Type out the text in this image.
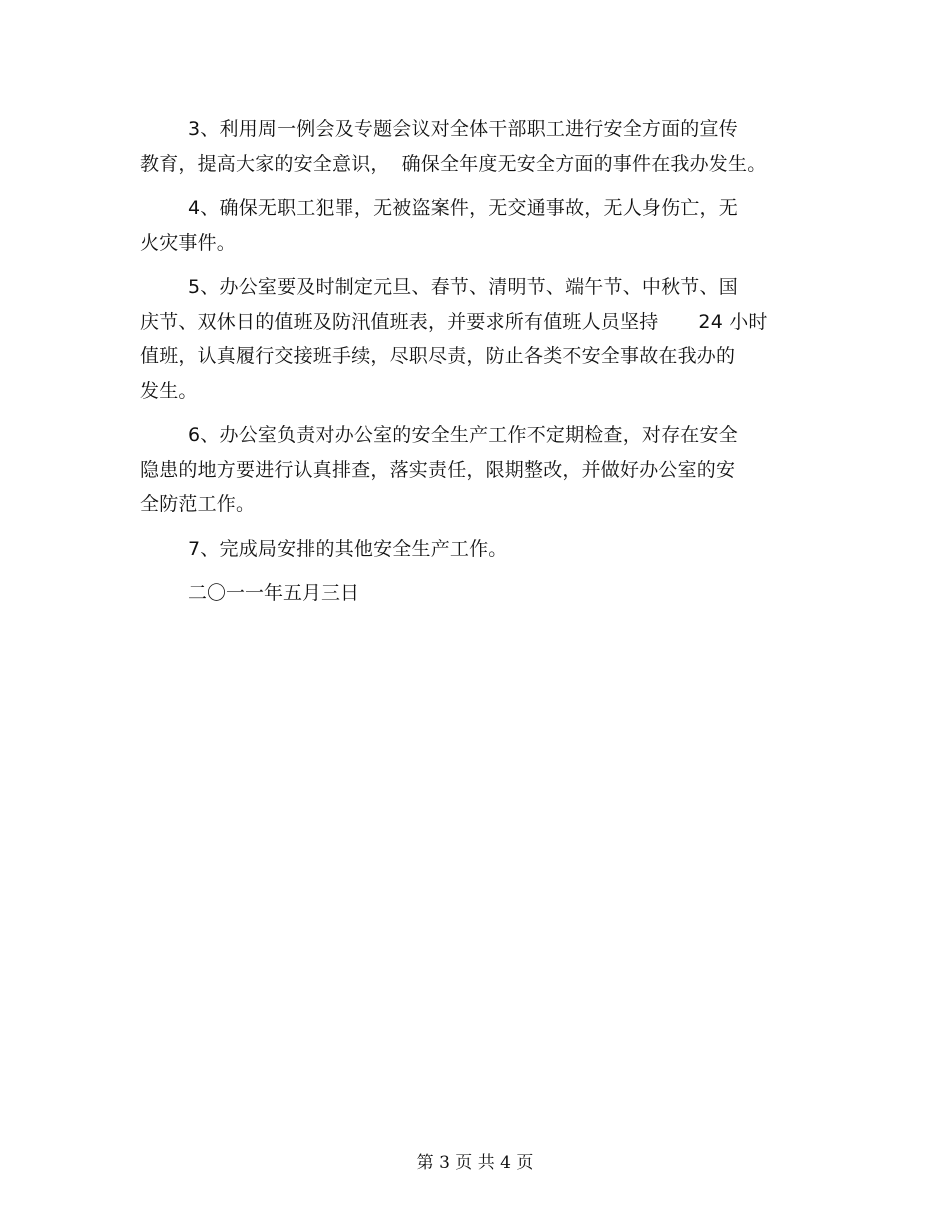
3、利用周一例会及专题会议对全体干部职工进行安全方面的宣传
教育，提高大家的安全意识， 确保全年度无安全方面的事件在我办发生。

4、确保无职工犯罪，无被盗案件，无交通事故，无人身伤亡，无
火灾事件。

5、办公室要及时制定元旦、春节、清明节、端午节、中秋节、国
庆节、双休日的值班及防汛值班表，并要求所有值班人员坚持 24 小时
值班，认真履行交接班手续，尽职尽责，防止各类不安全事故在我办的
发生。

6、办公室负责对办公室的安全生产工作不定期检查，对存在安全
隐患的地方要进行认真排查，落实责任，限期整改，并做好办公室的安
全防范工作。

7、完成局安排的其他安全生产工作。

二〇一一年五月三日

第 3 页 共 4 页
